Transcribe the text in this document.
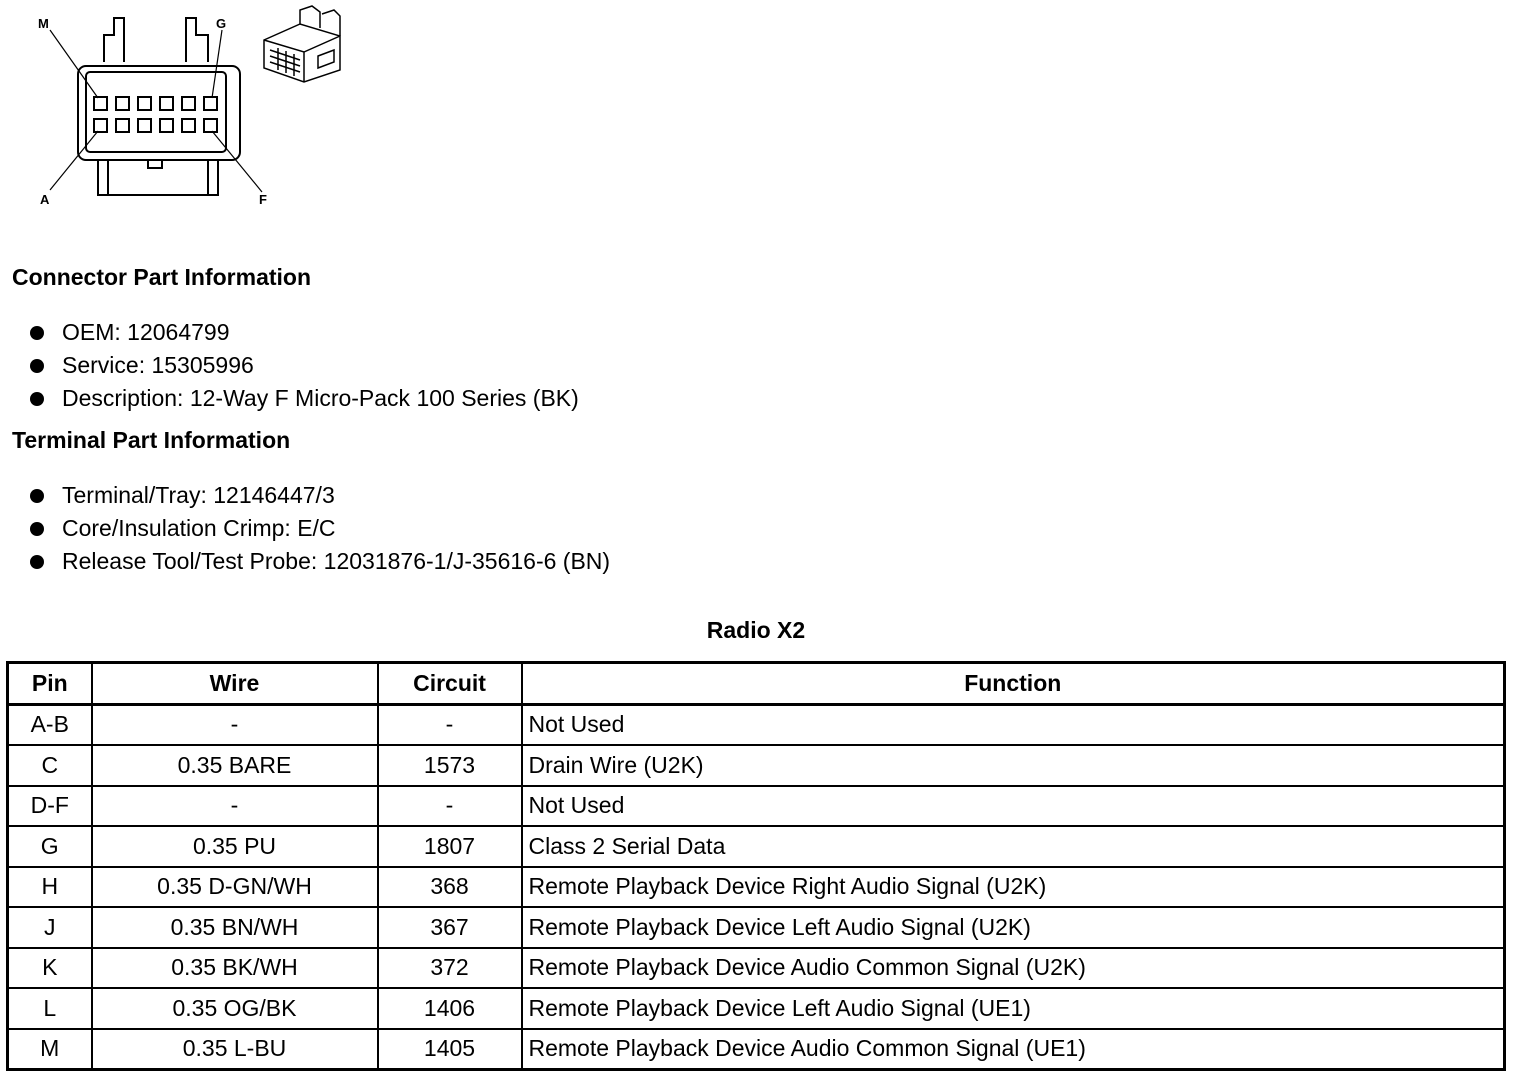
M	G
A	F
Connector Part Information
OEM: 12064799
Service: 15305996
Description: 12-Way F Micro-Pack 100 Series (BK)
Terminal Part Information
Terminal/Tray: 12146447/3
Core/Insulation Crimp: E/C
Release Tool/Test Probe: 12031876-1/J-35616-6 (BN)
Radio X2
Pin	Wire	Circuit	Function
A-B	-	-	Not Used
C	0.35 BARE	1573	Drain Wire (U2K)
D-F	-	-	Not Used
G	0.35 PU	1807	Class 2 Serial Data
H	0.35 D-GN/WH	368	Remote Playback Device Right Audio Signal (U2K)
J	0.35 BN/WH	367	Remote Playback Device Left Audio Signal (U2K)
K	0.35 BK/WH	372	Remote Playback Device Audio Common Signal (U2K)
L	0.35 OG/BK	1406	Remote Playback Device Left Audio Signal (UE1)
M	0.35 L-BU	1405	Remote Playback Device Audio Common Signal (UE1)
